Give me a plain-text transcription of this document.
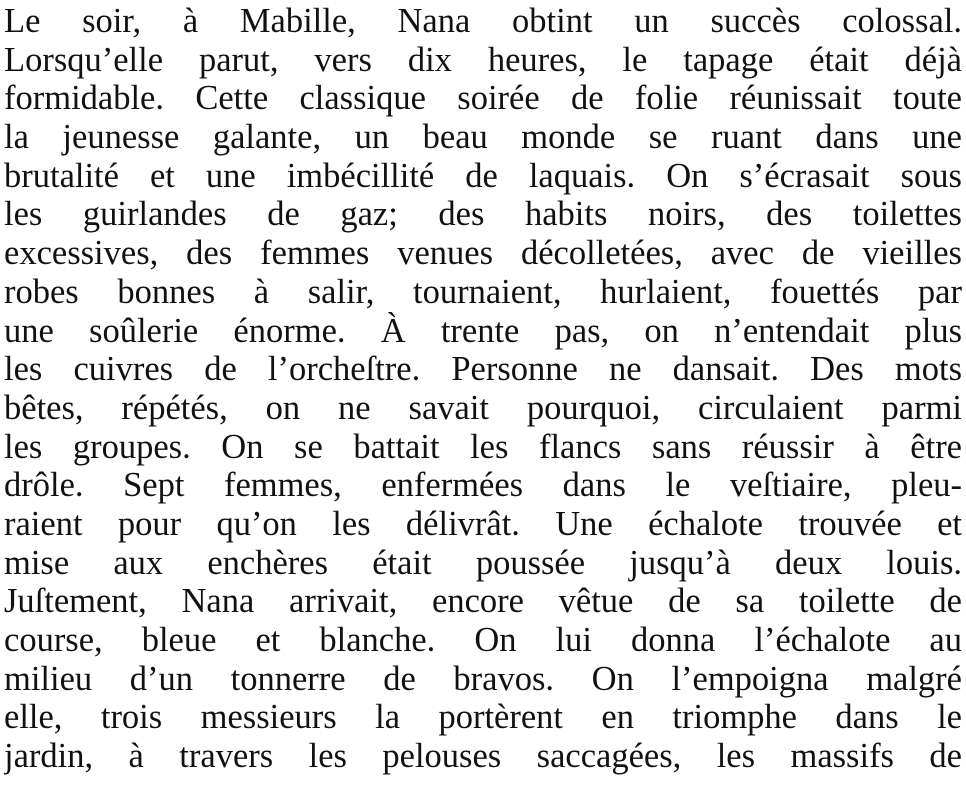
Le soir, à Mabille, Nana obtint un succès colossal.
Lorsqu’elle parut, vers dix heures, le tapage était déjà
formidable. Cette classique soirée de folie réunissait toute
la jeunesse galante, un beau monde se ruant dans une
brutalité et une imbécillité de laquais. On s’écrasait sous
les guirlandes de gaz; des habits noirs, des toilettes
excessives, des femmes venues décolletées, avec de vieilles
robes bonnes à salir, tournaient, hurlaient, fouettés par
une soûlerie énorme. À trente pas, on n’entendait plus
les cuivres de l’orcheſtre. Personne ne dansait. Des mots
bêtes, répétés, on ne savait pourquoi, circulaient parmi
les groupes. On se battait les flancs sans réussir à être
drôle. Sept femmes, enfermées dans le veſtiaire, pleu-
raient pour qu’on les délivrât. Une échalote trouvée et
mise aux enchères était poussée jusqu’à deux louis.
Juſtement, Nana arrivait, encore vêtue de sa toilette de
course, bleue et blanche. On lui donna l’échalote au
milieu d’un tonnerre de bravos. On l’empoigna malgré
elle, trois messieurs la portèrent en triomphe dans le
jardin, à travers les pelouses saccagées, les massifs de
